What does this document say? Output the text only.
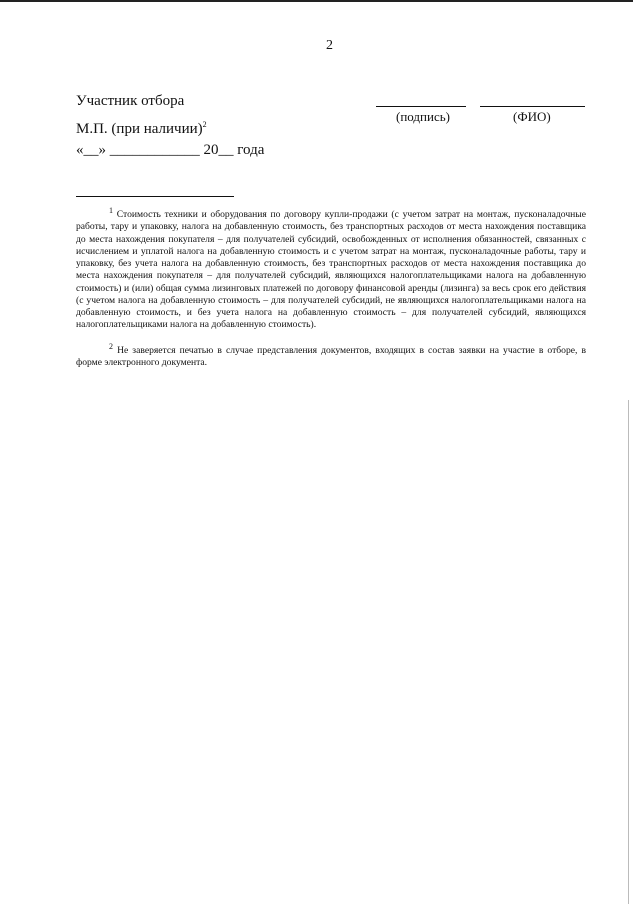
2
Участник отбора
(подпись)	(ФИО)
М.П. (при наличии)$^2$
«__» ____________ 20__ года
$^1$ Стоимость техники и оборудования по договору купли-продажи (с учетом затрат на монтаж, пусконаладочные работы, тару и упаковку, налога на добавленную стоимость, без транспортных расходов от места нахождения поставщика до места нахождения покупателя – для получателей субсидий, освобожденных от исполнения обязанностей, связанных с исчислением и уплатой налога на добавленную стоимость и с учетом затрат на монтаж, пусконаладочные работы, тару и упаковку, без учета налога на добавленную стоимость, без транспортных расходов от места нахождения поставщика до места нахождения покупателя – для получателей субсидий, являющихся налогоплательщиками налога на добавленную стоимость) и (или) общая сумма лизинговых платежей по договору финансовой аренды (лизинга) за весь срок его действия (с учетом налога на добавленную стоимость – для получателей субсидий, не являющихся налогоплательщиками налога на добавленную стоимость, и без учета налога на добавленную стоимость – для получателей субсидий, являющихся налогоплательщиками налога на добавленную стоимость).
$^2$ Не заверяется печатью в случае представления документов, входящих в состав заявки на участие в отборе, в форме электронного документа.
